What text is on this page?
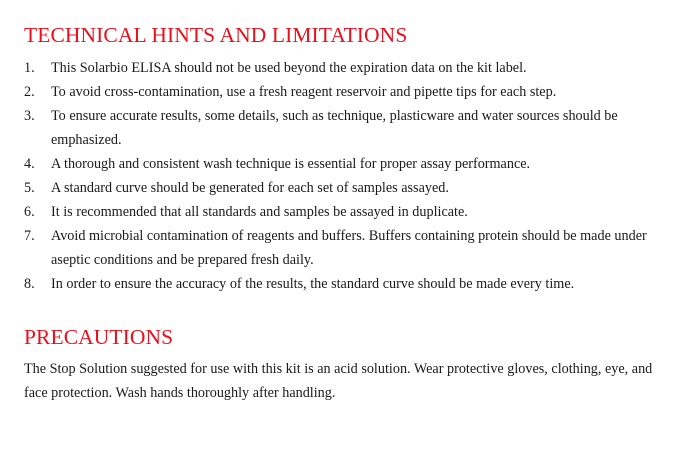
TECHNICAL HINTS AND LIMITATIONS
1.	This Solarbio ELISA should not be used beyond the expiration data on the kit label.
2.	To avoid cross-contamination, use a fresh reagent reservoir and pipette tips for each step.
3.	To ensure accurate results, some details, such as technique, plasticware and water sources should be emphasized.
4.	A thorough and consistent wash technique is essential for proper assay performance.
5.	A standard curve should be generated for each set of samples assayed.
6.	It is recommended that all standards and samples be assayed in duplicate.
7.	Avoid microbial contamination of reagents and buffers. Buffers containing protein should be made under aseptic conditions and be prepared fresh daily.
8.	In order to ensure the accuracy of the results, the standard curve should be made every time.
PRECAUTIONS

The Stop Solution suggested for use with this kit is an acid solution. Wear protective gloves, clothing, eye, and face protection. Wash hands thoroughly after handling.
